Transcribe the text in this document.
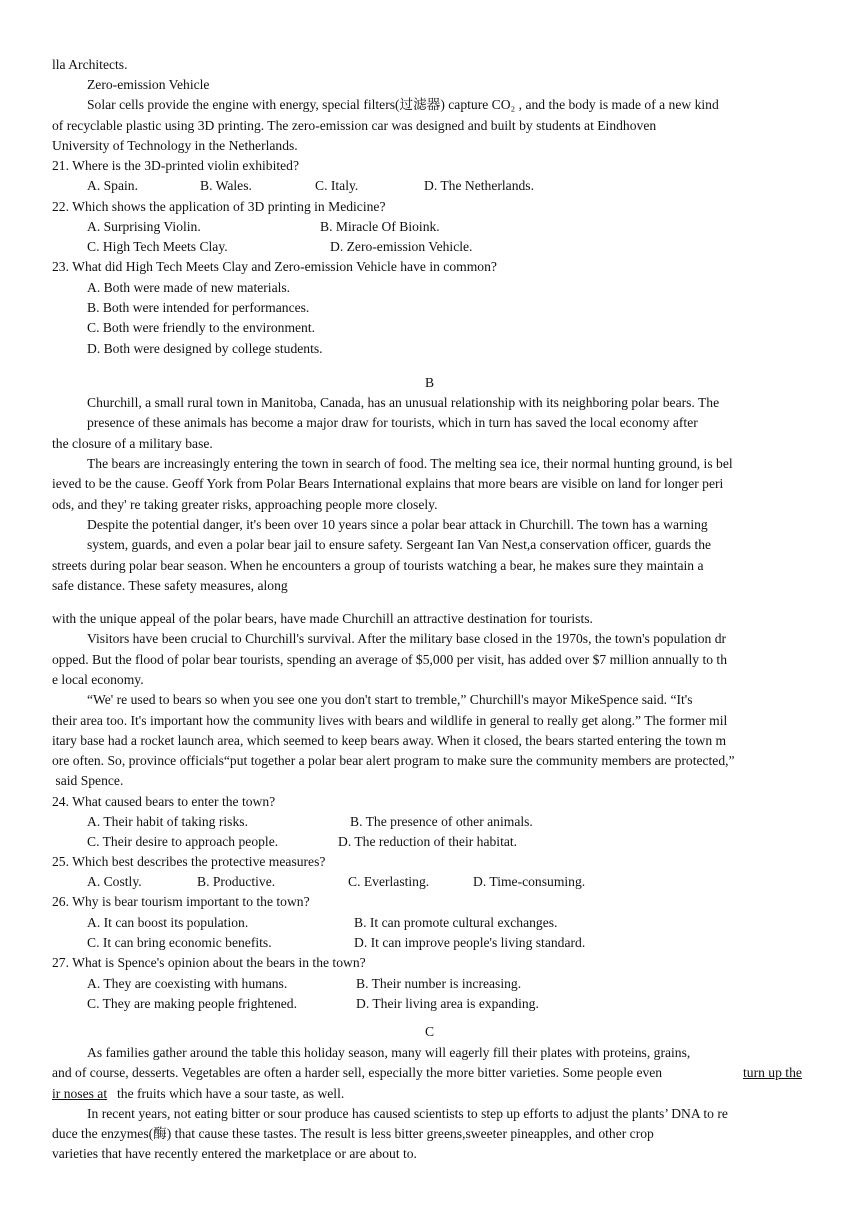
lla Architects.
Zero-emission Vehicle
Solar cells provide the engine with energy, special filters(过滤器) capture CO₂ , and the body is made of a new kind
of recyclable plastic using 3D printing. The zero-emission car was designed and built by students at Eindhoven
University of Technology in the Netherlands.
21. Where is the 3D-printed violin exhibited?
A. Spain.	B. Wales.	C. Italy.	D. The Netherlands.
22. Which shows the application of 3D printing in Medicine?
A. Surprising Violin.	B. Miracle Of Bioink.
C. High Tech Meets Clay.	D. Zero-emission Vehicle.
23. What did High Tech Meets Clay and Zero-emission Vehicle have in common?
A. Both were made of new materials.
B. Both were intended for performances.
C. Both were friendly to the environment.
D. Both were designed by college students.
B
Churchill, a small rural town in Manitoba, Canada, has an unusual relationship with its neighboring polar bears. The
presence of these animals has become a major draw for tourists, which in turn has saved the local economy after
the closure of a military base.
The bears are increasingly entering the town in search of food. The melting sea ice, their normal hunting ground, is bel
ieved to be the cause. Geoff York from Polar Bears International explains that more bears are visible on land for longer peri
ods, and they' re taking greater risks, approaching people more closely.
Despite the potential danger, it's been over 10 years since a polar bear attack in Churchill. The town has a warning
system, guards, and even a polar bear jail to ensure safety. Sergeant Ian Van Nest,a conservation officer, guards the
streets during polar bear season. When he encounters a group of tourists watching a bear, he makes sure they maintain a
safe distance. These safety measures, along
with the unique appeal of the polar bears, have made Churchill an attractive destination for tourists.
Visitors have been crucial to Churchill's survival. After the military base closed in the 1970s, the town's population dr
opped. But the flood of polar bear tourists, spending an average of $5,000 per visit, has added over $7 million annually to th
e local economy.
“We' re used to bears so when you see one you don't start to tremble,” Churchill's mayor MikeSpence said. “It's
their area too. It's important how the community lives with bears and wildlife in general to really get along.” The former mil
itary base had a rocket launch area, which seemed to keep bears away. When it closed, the bears started entering the town m
ore often. So, province officials“put together a polar bear alert program to make sure the community members are protected,”
said Spence.
24. What caused bears to enter the town?
A. Their habit of taking risks.	B. The presence of other animals.
C. Their desire to approach people.	D. The reduction of their habitat.
25. Which best describes the protective measures?
A. Costly.	B. Productive.	C. Everlasting.	D. Time-consuming.
26. Why is bear tourism important to the town?
A. It can boost its population.	B. It can promote cultural exchanges.
C. It can bring economic benefits.	D. It can improve people's living standard.
27. What is Spence's opinion about the bears in the town?
A. They are coexisting with humans.	B. Their number is increasing.
C. They are making people frightened.	D. Their living area is expanding.
C
As families gather around the table this holiday season, many will eagerly fill their plates with proteins, grains,
and of course, desserts. Vegetables are often a harder sell, especially the more bitter varieties. Some people even
ir noses at
In recent years, not eating bitter or sour produce has caused scientists to step up efforts to adjust the plants’ DNA to re
duce the enzymes(酶) that cause these tastes. The result is less bitter greens,sweeter pineapples, and other crop
varieties that have recently entered the marketplace or are about to.
turn up the
the fruits which have a sour taste, as well.
